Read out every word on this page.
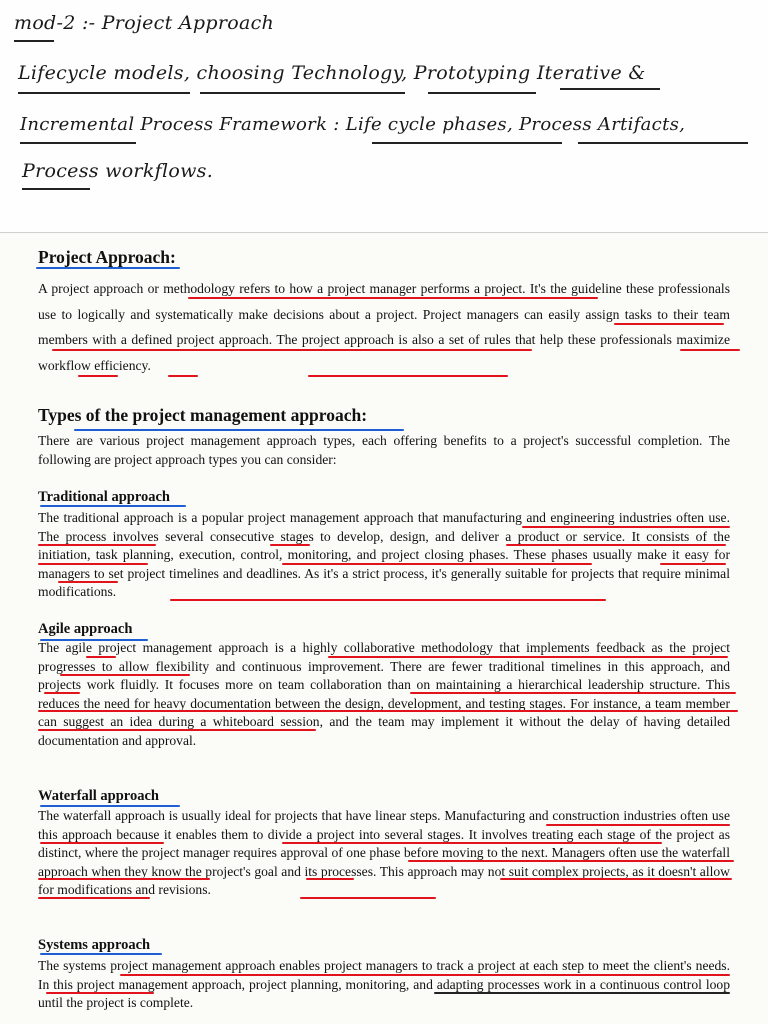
mod-2 :- Project Approach
Lifecycle models, choosing Technology, Prototyping Iterative &
Incremental Process Framework : Life cycle phases, Process Artifacts,
Process workflows.
Project Approach:
A project approach or methodology refers to how a project manager performs a project. It's the guideline these professionals use to logically and systematically make decisions about a project. Project managers can easily assign tasks to their team members with a defined project approach. The project approach is also a set of rules that help these professionals maximize workflow efficiency.
Types of the project management approach:
There are various project management approach types, each offering benefits to a project's successful completion. The following are project approach types you can consider:
Traditional approach
The traditional approach is a popular project management approach that manufacturing and engineering industries often use. The process involves several consecutive stages to develop, design, and deliver a product or service. It consists of the initiation, task planning, execution, control, monitoring, and project closing phases. These phases usually make it easy for managers to set project timelines and deadlines. As it's a strict process, it's generally suitable for projects that require minimal modifications.
Agile approach
The agile project management approach is a highly collaborative methodology that implements feedback as the project progresses to allow flexibility and continuous improvement. There are fewer traditional timelines in this approach, and projects work fluidly. It focuses more on team collaboration than on maintaining a hierarchical leadership structure. This reduces the need for heavy documentation between the design, development, and testing stages. For instance, a team member can suggest an idea during a whiteboard session, and the team may implement it without the delay of having detailed documentation and approval.
Waterfall approach
The waterfall approach is usually ideal for projects that have linear steps. Manufacturing and construction industries often use this approach because it enables them to divide a project into several stages. It involves treating each stage of the project as distinct, where the project manager requires approval of one phase before moving to the next. Managers often use the waterfall approach when they know the project's goal and its processes. This approach may not suit complex projects, as it doesn't allow for modifications and revisions.
Systems approach
The systems project management approach enables project managers to track a project at each step to meet the client's needs. In this project management approach, project planning, monitoring, and adapting processes work in a continuous control loop until the project is complete.
